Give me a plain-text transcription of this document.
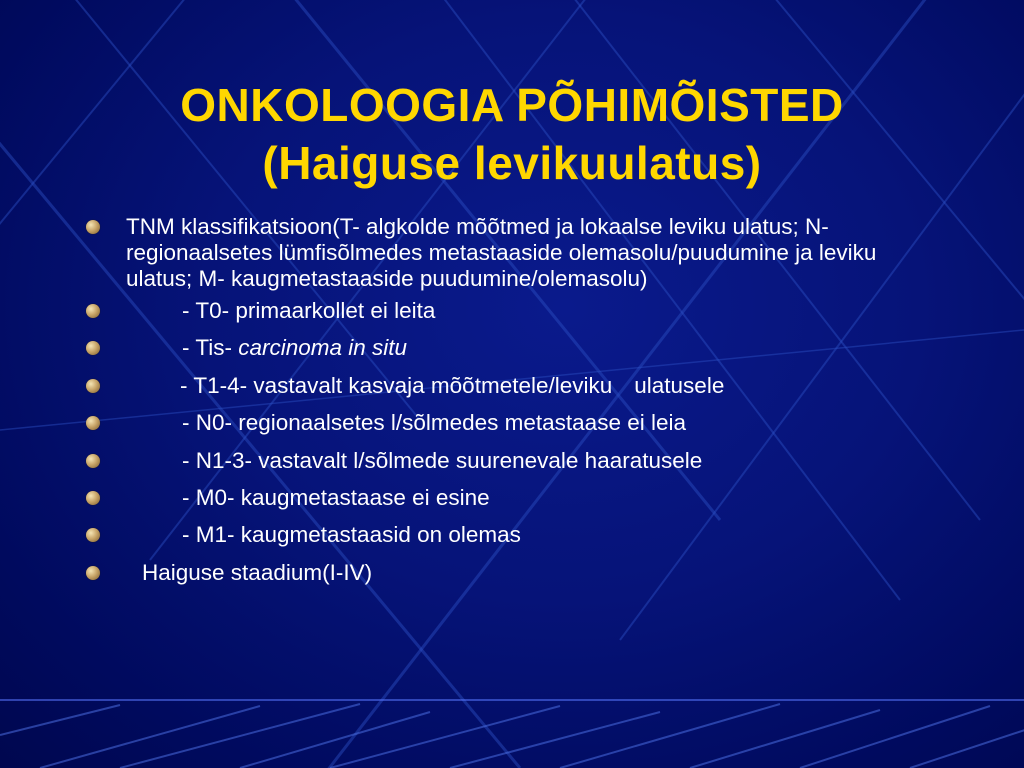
ONKOLOOGIA PÕHIMÕISTED
(Haiguse levikuulatus)
TNM klassifikatsioon(T- algkolde mõõtmed ja lokaalse leviku ulatus; N- regionaalsetes lümfisõlmedes metastaaside olemasolu/puudumine ja leviku ulatus; M- kaugmetastaaside puudumine/olemasolu)
- T0- primaarkollet ei leita
- Tis- carcinoma in situ
- T1-4- vastavalt kasvaja mõõtmetele/leviku ulatusele
- N0- regionaalsetes l/sõlmedes metastaase ei leia
- N1-3- vastavalt l/sõlmede suurenevale haaratusele
- M0- kaugmetastaase ei esine
- M1- kaugmetastaasid on olemas
Haiguse staadium(I-IV)
